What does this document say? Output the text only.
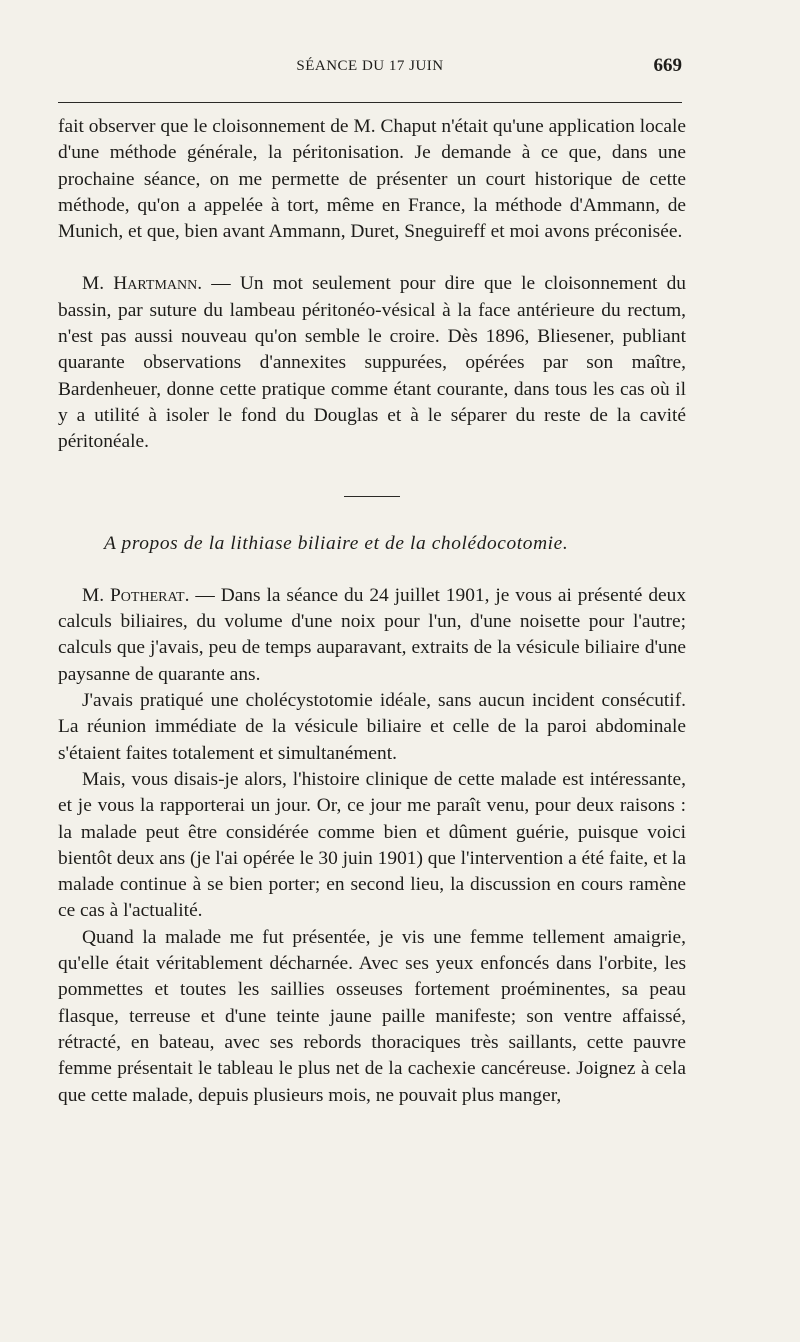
SÉANCE DU 17 JUIN	669

fait observer que le cloisonnement de M. Chaput n'était qu'une application locale d'une méthode générale, la péritonisation. Je demande à ce que, dans une prochaine séance, on me permette de présenter un court historique de cette méthode, qu'on a appelée à tort, même en France, la méthode d'Ammann, de Munich, et que, bien avant Ammann, Duret, Sneguireff et moi avons préconisée.

M. Hartmann. — Un mot seulement pour dire que le cloisonnement du bassin, par suture du lambeau péritonéo-vésical à la face antérieure du rectum, n'est pas aussi nouveau qu'on semble le croire. Dès 1896, Bliesener, publiant quarante observations d'annexites suppurées, opérées par son maître, Bardenheuer, donne cette pratique comme étant courante, dans tous les cas où il y a utilité à isoler le fond du Douglas et à le séparer du reste de la cavité péritonéale.

A propos de la lithiase biliaire et de la cholédocotomie.

M. Potherat. — Dans la séance du 24 juillet 1901, je vous ai présenté deux calculs biliaires, du volume d'une noix pour l'un, d'une noisette pour l'autre; calculs que j'avais, peu de temps auparavant, extraits de la vésicule biliaire d'une paysanne de quarante ans.

J'avais pratiqué une cholécystotomie idéale, sans aucun incident consécutif. La réunion immédiate de la vésicule biliaire et celle de la paroi abdominale s'étaient faites totalement et simultanément.

Mais, vous disais-je alors, l'histoire clinique de cette malade est intéressante, et je vous la rapporterai un jour. Or, ce jour me paraît venu, pour deux raisons : la malade peut être considérée comme bien et dûment guérie, puisque voici bientôt deux ans (je l'ai opérée le 30 juin 1901) que l'intervention a été faite, et la malade continue à se bien porter; en second lieu, la discussion en cours ramène ce cas à l'actualité.

Quand la malade me fut présentée, je vis une femme tellement amaigrie, qu'elle était véritablement décharnée. Avec ses yeux enfoncés dans l'orbite, les pommettes et toutes les saillies osseuses fortement proéminentes, sa peau flasque, terreuse et d'une teinte jaune paille manifeste; son ventre affaissé, rétracté, en bateau, avec ses rebords thoraciques très saillants, cette pauvre femme présentait le tableau le plus net de la cachexie cancéreuse. Joignez à cela que cette malade, depuis plusieurs mois, ne pouvait plus manger,
